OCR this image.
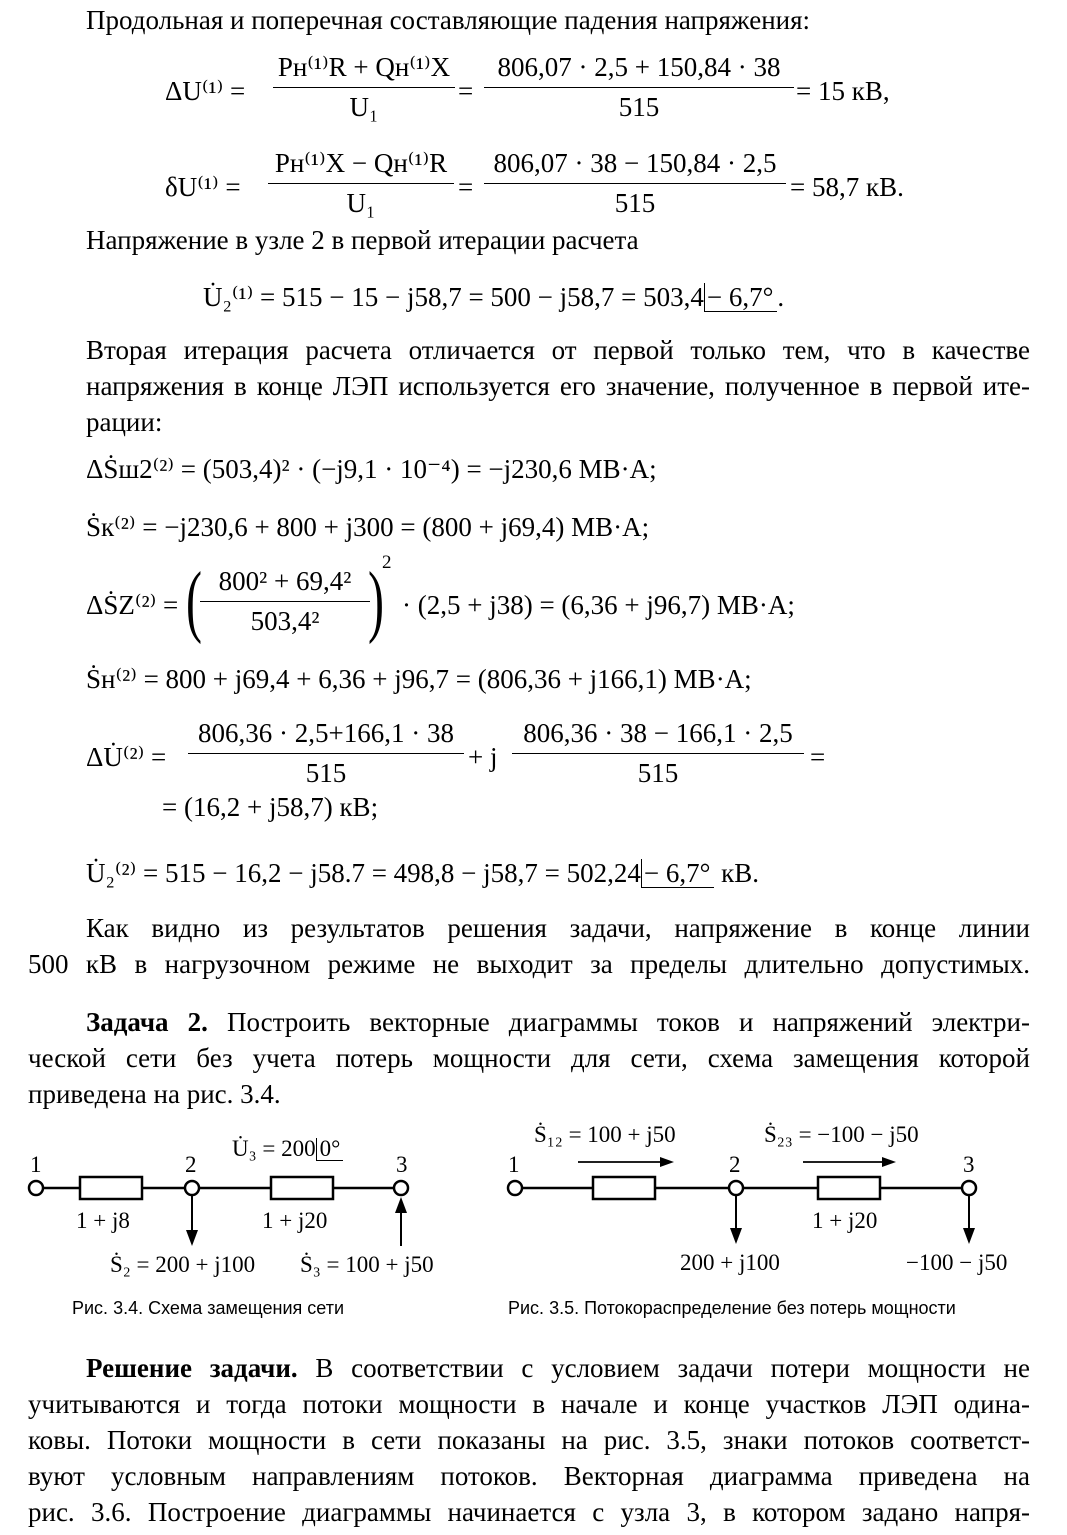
Продольная и поперечная составляющие падения напряжения:
ΔU⁽¹⁾ =
Pн⁽¹⁾R + Qн⁽¹⁾X
U₁
=
806,07 · 2,5 + 150,84 · 38
515
= 15 кВ,
δU⁽¹⁾ =
Pн⁽¹⁾X − Qн⁽¹⁾R
U₁
=
806,07 · 38 − 150,84 · 2,5
515
= 58,7 кВ.
Напряжение в узле 2 в первой итерации расчета
U̇₂⁽¹⁾ = 515 − 15 − j58,7 = 500 − j58,7 = 503,4 − 6,7° .
Вторая итерация расчета отличается от первой только тем, что в качестве
напряжения в конце ЛЭП используется его значение, полученное в первой ите-
рации:
ΔṠш2⁽²⁾ = (503,4)² · (−j9,1 · 10⁻⁴) = −j230,6 МВ·А;
Ṡк⁽²⁾ = −j230,6 + 800 + j300 = (800 + j69,4) МВ·А;
ΔṠZ⁽²⁾ = ( 800² + 69,4²
503,4² )
2
· (2,5 + j38) = (6,36 + j96,7) МВ·А;
Ṡн⁽²⁾ = 800 + j69,4 + 6,36 + j96,7 = (806,36 + j166,1) МВ·А;
ΔU̇⁽²⁾ =
806,36 · 2,5+166,1 · 38
515
+ j
806,36 · 38 − 166,1 · 2,5
515
=
= (16,2 + j58,7) кВ;
U̇₂⁽²⁾ = 515 − 16,2 − j58.7 = 498,8 − j58,7 = 502,24 − 6,7° кВ.
Как видно из результатов решения задачи, напряжение в конце линии
500 кВ в нагрузочном режиме не выходит за пределы длительно допустимых.
Задача 2. Построить векторные диаграммы токов и напряжений электри-
ческой сети без учета потерь мощности для сети, схема замещения которой
приведена на рис. 3.4.
1	2	3
1 + j8	1 + j20
U̇₃ = 200 0°
Ṡ₂ = 200 + j100 Ṡ₃ = 100 + j50
Рис. 3.4. Схема замещения сети
1	2	3
Ṡ₁₂ = 100 + j50	Ṡ₂₃ = −100 − j50
1 + j20
200 + j100	−100 − j50
Рис. 3.5. Потокораспределение без потерь мощности
Решение задачи. В соответствии с условием задачи потери мощности не
учитываются и тогда потоки мощности в начале и конце участков ЛЭП одина-
ковы. Потоки мощности в сети показаны на рис. 3.5, знаки потоков соответст-
вуют условным направлениям потоков. Векторная диаграмма приведена на
рис. 3.6. Построение диаграммы начинается с узла 3, в котором задано напря-
